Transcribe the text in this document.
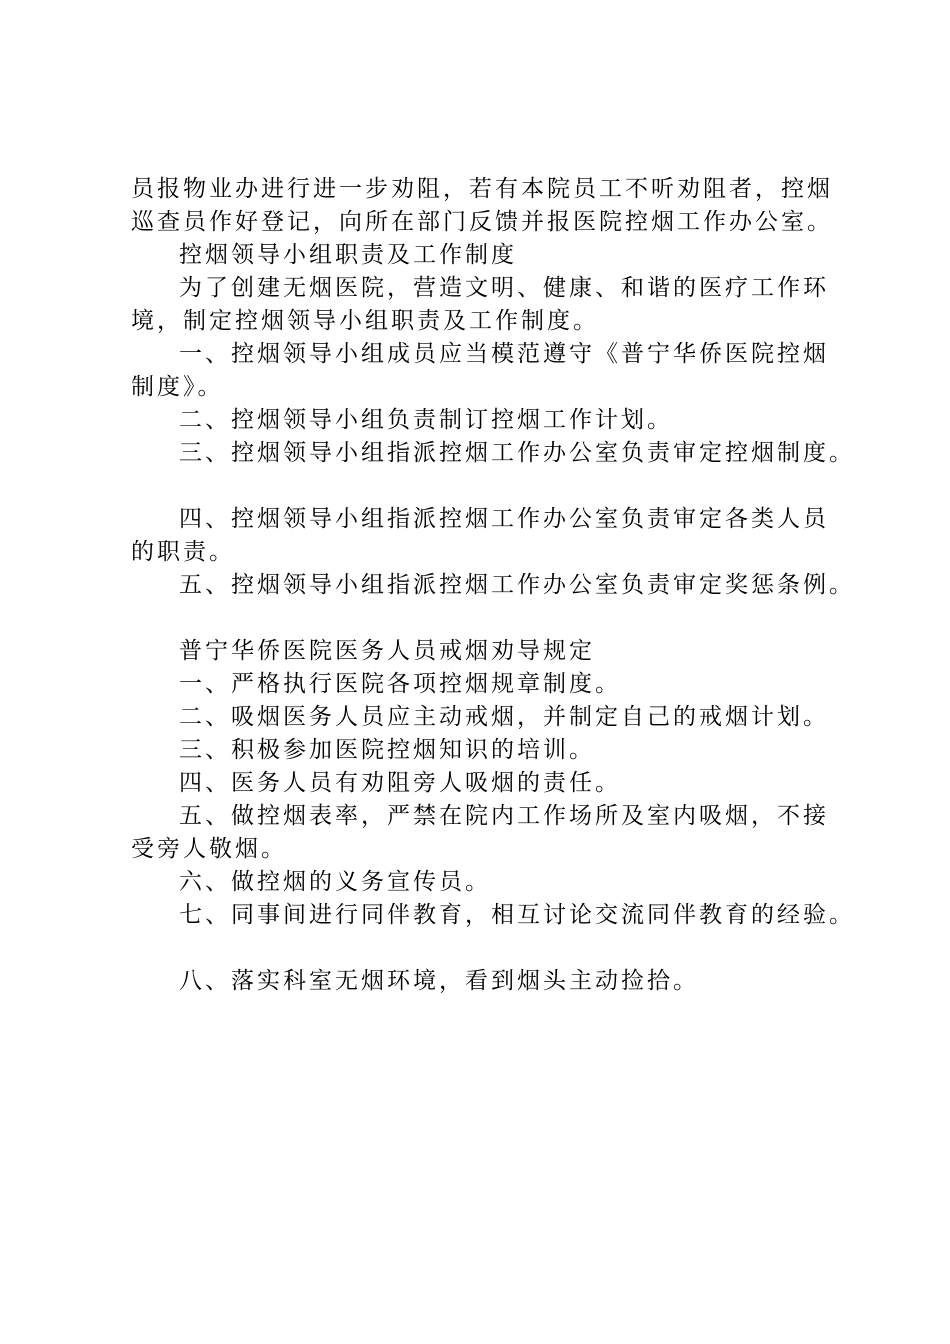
员报物业办进行进一步劝阻，若有本院员工不听劝阻者，控烟
巡查员作好登记，向所在部门反馈并报医院控烟工作办公室。
控烟领导小组职责及工作制度
为了创建无烟医院，营造文明、健康、和谐的医疗工作环
境，制定控烟领导小组职责及工作制度。
一、控烟领导小组成员应当模范遵守《普宁华侨医院控烟
制度》。
二、控烟领导小组负责制订控烟工作计划。
三、控烟领导小组指派控烟工作办公室负责审定控烟制度。
四、控烟领导小组指派控烟工作办公室负责审定各类人员
的职责。
五、控烟领导小组指派控烟工作办公室负责审定奖惩条例。
普宁华侨医院医务人员戒烟劝导规定
一、严格执行医院各项控烟规章制度。
二、吸烟医务人员应主动戒烟，并制定自己的戒烟计划。
三、积极参加医院控烟知识的培训。
四、医务人员有劝阻旁人吸烟的责任。
五、做控烟表率，严禁在院内工作场所及室内吸烟，不接
受旁人敬烟。
六、做控烟的义务宣传员。
七、同事间进行同伴教育，相互讨论交流同伴教育的经验。
八、落实科室无烟环境，看到烟头主动捡拾。
